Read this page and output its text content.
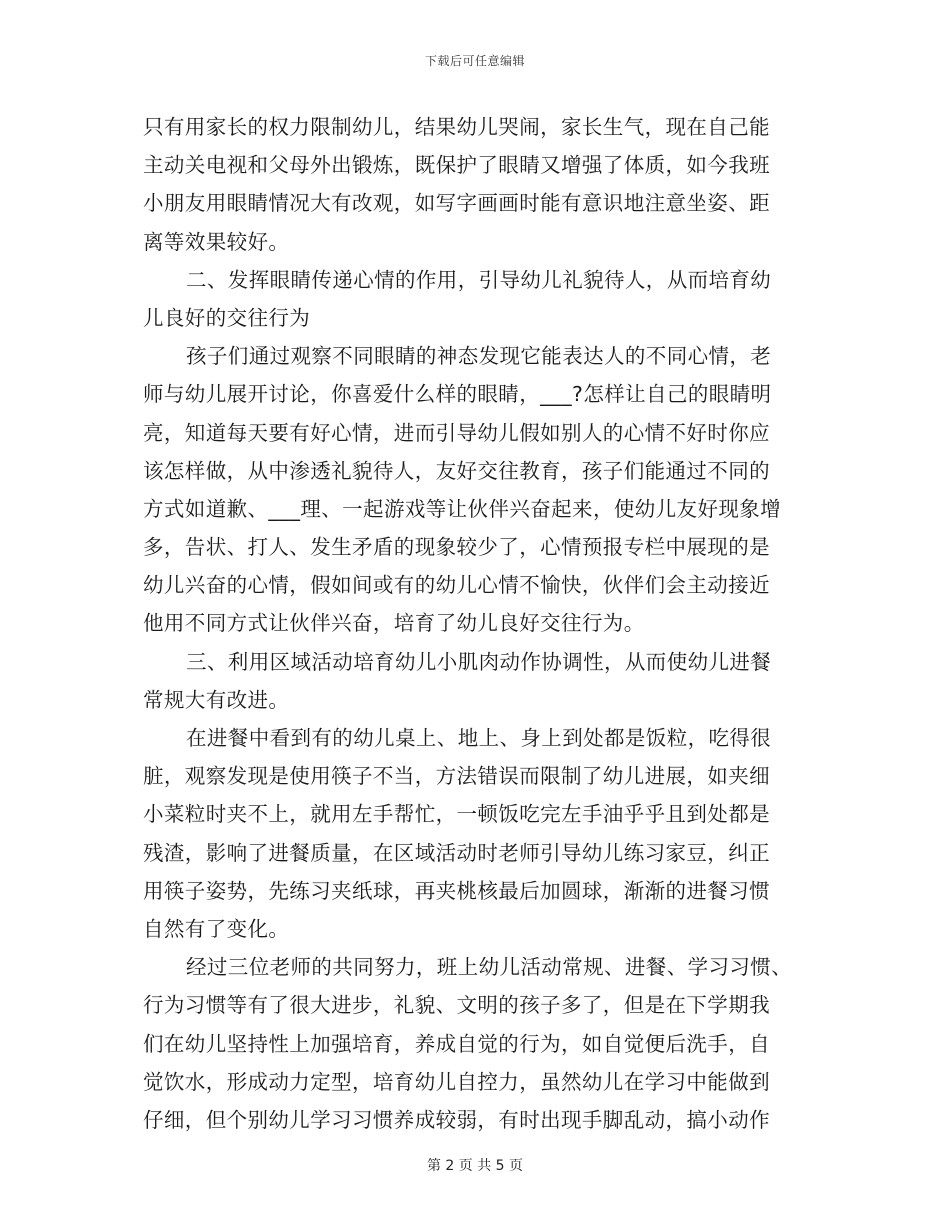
下载后可任意编辑
只有用家长的权力限制幼儿，结果幼儿哭闹，家长生气，现在自己能
主动关电视和父母外出锻炼，既保护了眼睛又增强了体质，如今我班
小朋友用眼睛情况大有改观，如写字画画时能有意识地注意坐姿、距
离等效果较好。
二、发挥眼睛传递心情的作用，引导幼儿礼貌待人，从而培育幼
儿良好的交往行为
孩子们通过观察不同眼睛的神态发现它能表达人的不同心情，老
师与幼儿展开讨论，你喜爱什么样的眼睛，___?怎样让自己的眼睛明
亮，知道每天要有好心情，进而引导幼儿假如别人的心情不好时你应
该怎样做，从中渗透礼貌待人，友好交往教育，孩子们能通过不同的
方式如道歉、___理、一起游戏等让伙伴兴奋起来，使幼儿友好现象增
多，告状、打人、发生矛盾的现象较少了，心情预报专栏中展现的是
幼儿兴奋的心情，假如间或有的幼儿心情不愉快，伙伴们会主动接近
他用不同方式让伙伴兴奋，培育了幼儿良好交往行为。
三、利用区域活动培育幼儿小肌肉动作协调性，从而使幼儿进餐
常规大有改进。
在进餐中看到有的幼儿桌上、地上、身上到处都是饭粒，吃得很
脏，观察发现是使用筷子不当，方法错误而限制了幼儿进展，如夹细
小菜粒时夹不上，就用左手帮忙，一顿饭吃完左手油乎乎且到处都是
残渣，影响了进餐质量，在区域活动时老师引导幼儿练习家豆，纠正
用筷子姿势，先练习夹纸球，再夹桃核最后加圆球，渐渐的进餐习惯
自然有了变化。
经过三位老师的共同努力，班上幼儿活动常规、进餐、学习习惯、
行为习惯等有了很大进步，礼貌、文明的孩子多了，但是在下学期我
们在幼儿坚持性上加强培育，养成自觉的行为，如自觉便后洗手，自
觉饮水，形成动力定型，培育幼儿自控力，虽然幼儿在学习中能做到
仔细，但个别幼儿学习习惯养成较弱，有时出现手脚乱动，搞小动作
第 2 页 共 5 页
